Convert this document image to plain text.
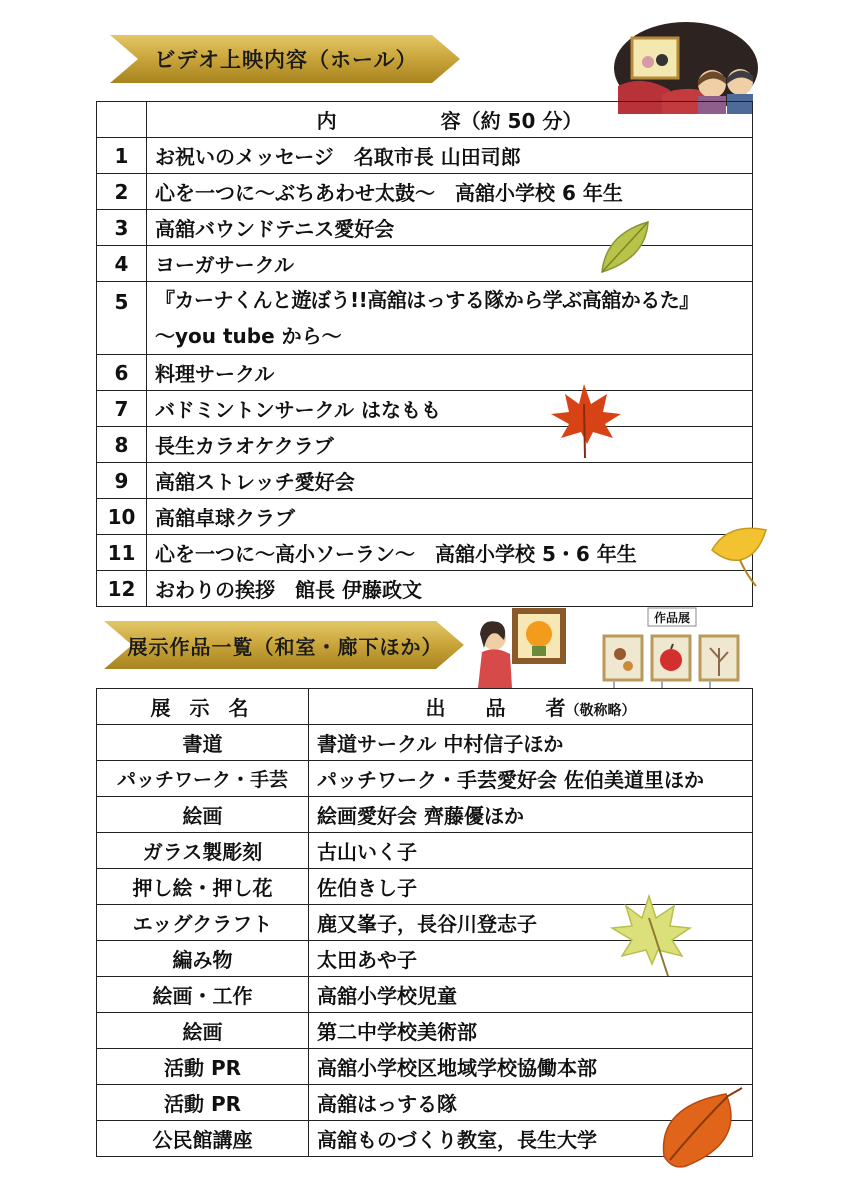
ビデオ上映内容（ホール）
	内 容（約 50 分）
1	お祝いのメッセージ　名取市長 山田司郎
2	心を一つに～ぶちあわせ太鼓～　高舘小学校 6 年生
3	高舘バウンドテニス愛好会
4	ヨーガサークル
5	『カーナくんと遊ぼう!!高舘はっする隊から学ぶ高舘かるた』
～you tube から～

6	料理サークル
7	バドミントンサークル はなもも
8	長生カラオケクラブ
9	高舘ストレッチ愛好会
10	高舘卓球クラブ
11	心を一つに～高小ソーラン～　高舘小学校 5・6 年生
12	おわりの挨拶　館長 伊藤政文
展示作品一覧（和室・廊下ほか）
作品展
展 示 名	出　　品　　者（敬称略）
書道	書道サークル 中村信子ほか
パッチワーク・手芸	パッチワーク・手芸愛好会 佐伯美道里ほか
絵画	絵画愛好会 齊藤優ほか
ガラス製彫刻	古山いく子
押し絵・押し花	佐伯きし子
エッグクラフト	鹿又峯子，長谷川登志子
編み物	太田あや子
絵画・工作	高舘小学校児童
絵画	第二中学校美術部
活動 PR	高舘小学校区地域学校協働本部
活動 PR	高舘はっする隊
公民館講座	高舘ものづくり教室，長生大学
